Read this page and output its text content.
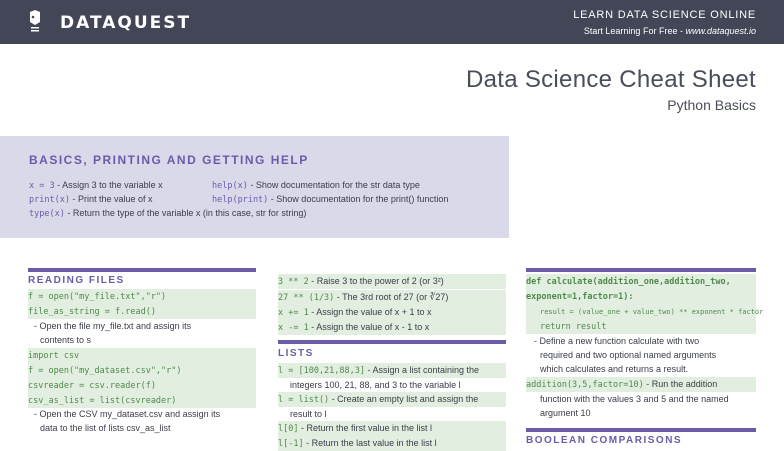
DATAQUEST	LEARN DATA SCIENCE ONLINE
Start Learning For Free - www.dataquest.io
Data Science Cheat Sheet
Python Basics
BASICS, PRINTING AND GETTING HELP
x = 3 - Assign 3 to the variable x
print(x) - Print the value of x
type(x) - Return the type of the variable x (in this case, str for string)
help(x) - Show documentation for the str data type
help(print) - Show documentation for the print() function
READING FILES
f = open("my_file.txt","r")
file_as_string = f.read()
- Open the file my_file.txt and assign its
contents to s
import csv
f = open("my_dataset.csv","r")
csvreader = csv.reader(f)
csv_as_list = list(csvreader)
- Open the CSV my_dataset.csv and assign its
data to the list of lists csv_as_list
3 ** 2 - Raise 3 to the power of 2 (or 3²)
27 ** (1/3) - The 3rd root of 27 (or ∛27)
x += 1 - Assign the value of x + 1 to x
x -= 1 - Assign the value of x - 1 to x
LISTS
l = [100,21,88,3] - Assign a list containing the
integers 100, 21, 88, and 3 to the variable l
l = list() - Create an empty list and assign the
result to l
l[0] - Return the first value in the list l
l[-1] - Return the last value in the list l
def calculate(addition_one,addition_two,
exponent=1,factor=1):
result = (value_one + value_two) ** exponent * factor
return result
- Define a new function calculate with two
required and two optional named arguments
which calculates and returns a result.
addition(3,5,factor=10) - Run the addition
function with the values 3 and 5 and the named
argument 10
BOOLEAN COMPARISONS
